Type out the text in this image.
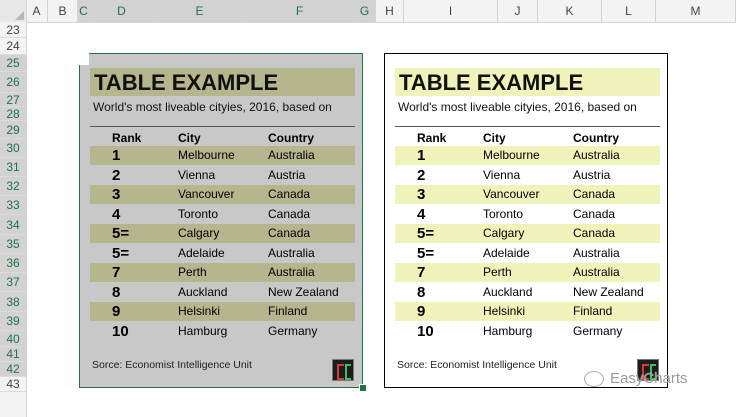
A	B	C	D	E	F	G	H	I	J	K	L	M
23
24
25
26
27
28
29
30
31
32
33
34
35
36
37
38
39
40
41
42
43
TABLE EXAMPLE
World's most liveable cityies, 2016, based on
Rank	City	Country
1	Melbourne	Australia
2	Vienna	Austria
3	Vancouver	Canada
4	Toronto	Canada
5=	Calgary	Canada
5=	Adelaide	Australia
7	Perth	Australia
8	Auckland	New Zealand
9	Helsinki	Finland
10	Hamburg	Germany
Sorce: Economist Intelligence Unit
TABLE EXAMPLE
World's most liveable cityies, 2016, based on
Rank	City	Country
1	Melbourne	Australia
2	Vienna	Austria
3	Vancouver	Canada
4	Toronto	Canada
5=	Calgary	Canada
5=	Adelaide	Australia
7	Perth	Australia
8	Auckland	New Zealand
9	Helsinki	Finland
10	Hamburg	Germany
Sorce: Economist Intelligence Unit
EasyCharts
